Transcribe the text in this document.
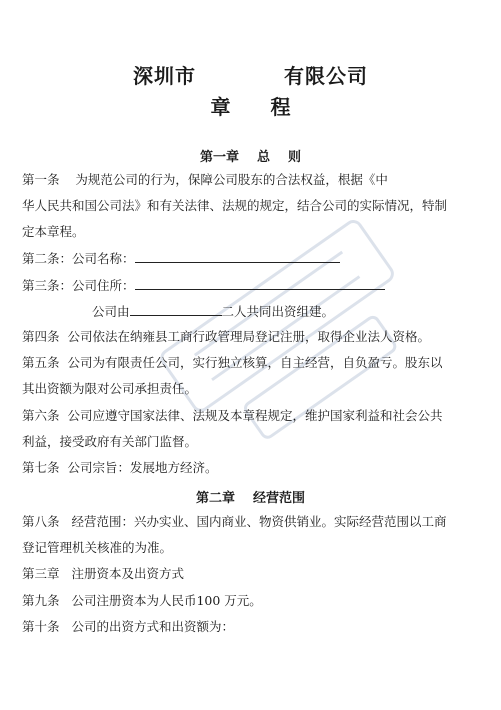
深圳市	有限公司
章 程
第一章 总    则
第一条 为规范公司的行为，保障公司股东的合法权益，根据《中
华人民共和国公司法》和有关法律、法规的规定，结合公司的实际情况，特制
定本章程。
第二条：公司名称：
第三条：公司住所：
公司由	二人共同出资组建。
第四条 公司依法在纳雍县工商行政管理局登记注册，取得企业法人资格。
第五条 公司为有限责任公司，实行独立核算，自主经营，自负盈亏。股东以
其出资额为限对公司承担责任。
第六条 公司应遵守国家法律、法规及本章程规定，维护国家利益和社会公共
利益，接受政府有关部门监督。
第七条 公司宗旨：发展地方经济。
第二章 经营范围
第八条 经营范围：兴办实业、国内商业、物资供销业。实际经营范围以工商
登记管理机关核准的为准。
第三章 注册资本及出资方式
第九条 公司注册资本为人民币100 万元。
第十条 公司的出资方式和出资额为：
